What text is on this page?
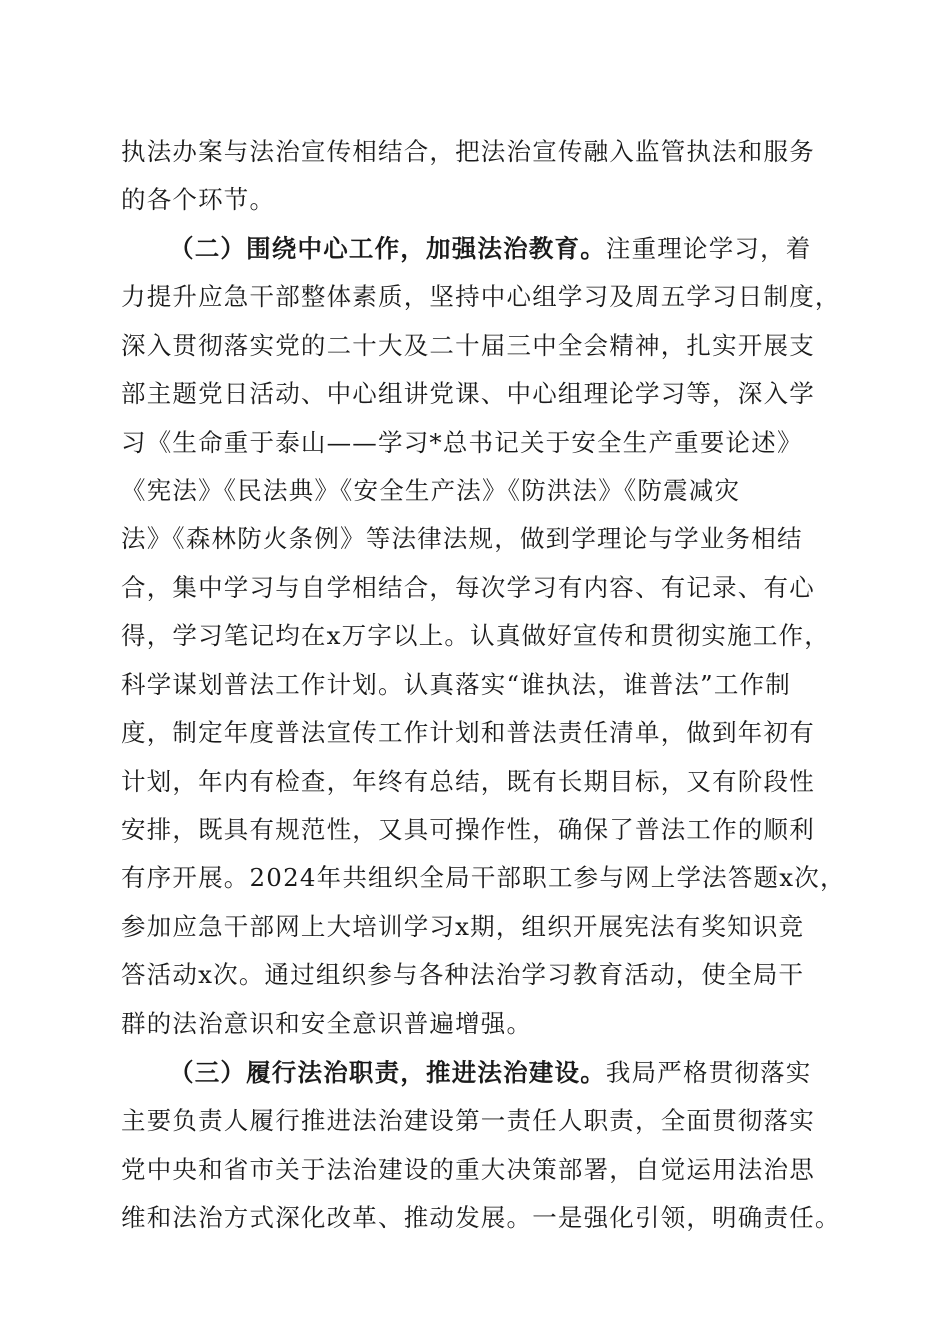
执法办案与法治宣传相结合，把法治宣传融入监管执法和服务
的各个环节。
（二）围绕中心工作，加强法治教育。注重理论学习，着
力提升应急干部整体素质，坚持中心组学习及周五学习日制度，
深入贯彻落实党的二十大及二十届三中全会精神，扎实开展支
部主题党日活动、中心组讲党课、中心组理论学习等，深入学
习《生命重于泰山——学习*总书记关于安全生产重要论述》
《宪法》《民法典》《安全生产法》《防洪法》《防震减灾
法》《森林防火条例》等法律法规，做到学理论与学业务相结
合，集中学习与自学相结合，每次学习有内容、有记录、有心
得，学习笔记均在x万字以上。认真做好宣传和贯彻实施工作，
科学谋划普法工作计划。认真落实“谁执法，谁普法”工作制
度，制定年度普法宣传工作计划和普法责任清单，做到年初有
计划，年内有检查，年终有总结，既有长期目标，又有阶段性
安排，既具有规范性，又具可操作性，确保了普法工作的顺利
有序开展。2024年共组织全局干部职工参与网上学法答题x次，
参加应急干部网上大培训学习x期，组织开展宪法有奖知识竞
答活动x次。通过组织参与各种法治学习教育活动，使全局干
群的法治意识和安全意识普遍增强。
（三）履行法治职责，推进法治建设。我局严格贯彻落实
主要负责人履行推进法治建设第一责任人职责，全面贯彻落实
党中央和省市关于法治建设的重大决策部署，自觉运用法治思
维和法治方式深化改革、推动发展。一是强化引领，明确责任。
